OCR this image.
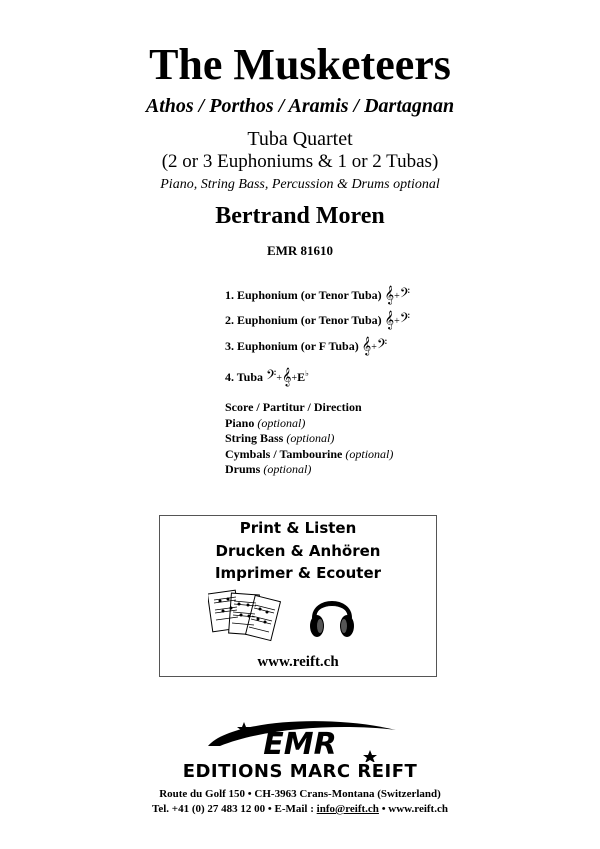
The Musketeers
Athos / Porthos / Aramis / Dartagnan
Tuba Quartet
(2 or 3 Euphoniums & 1 or 2 Tubas)
Piano, String Bass, Percussion & Drums optional
Bertrand Moren
EMR 81610
1. Euphonium (or Tenor Tuba) 𝄞+𝄢
2. Euphonium (or Tenor Tuba) 𝄞+𝄢
3. Euphonium (or F Tuba) 𝄞+𝄢
4. Tuba 𝄢+𝄞+E♭
Score / Partitur / Direction
Piano (optional)
String Bass (optional)
Cymbals / Tambourine (optional)
Drums (optional)
Print & Listen
Drucken & Anhören
Imprimer & Ecouter
www.reift.ch
EMR
EDITIONS MARC REIFT
Route du Golf 150 • CH-3963 Crans-Montana (Switzerland)
Tel. +41 (0) 27 483 12 00 • E-Mail : info@reift.ch • www.reift.ch
